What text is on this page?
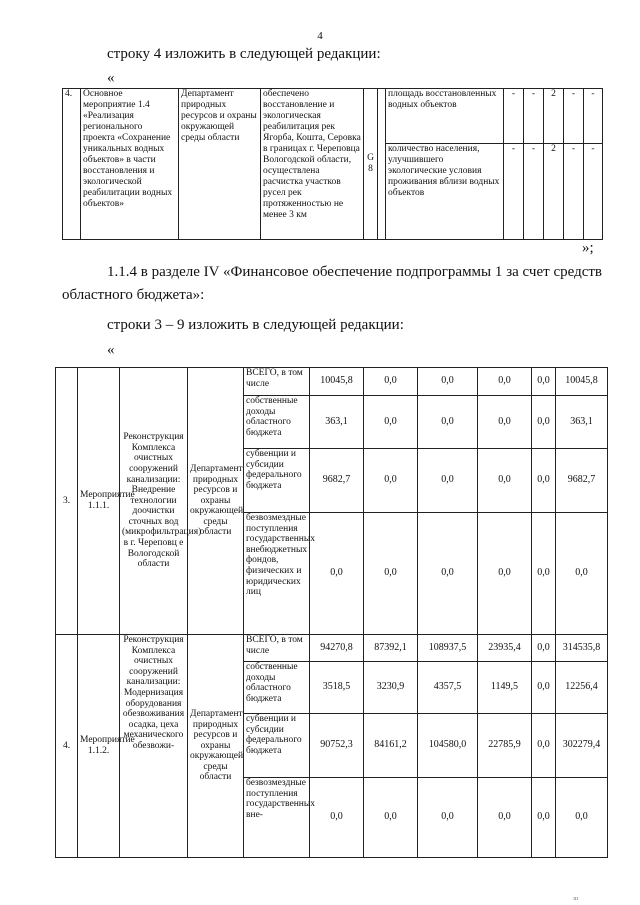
4
строку 4 изложить в следующей редакции:
«
4.	Основное мероприятие 1.4 «Реализация регионального проекта «Сохранение уникальных водных объектов» в части восстановления и экологической реабилитации водных объектов»	Департамент природных ресурсов и охраны окружающей среды области	обеспечено восстановление и экологическая реабилитация рек Ягорба, Кошта, Серовка в границах г. Череповца Вологодской области, осуществлена расчистка участков русел рек протяженностью не менее 3 км	G 8		площадь восстановленных водных объектов	-	-	2	-	-
						количество населения, улучшившего экологические условия проживания вблизи водных объектов	-	-	2	-	-
»;
1.1.4 в разделе IV «Финансовое обеспечение подпрограммы 1 за счет средств областного бюджета»:
строки 3 – 9 изложить в следующей редакции:
«
3.	Мероприятие 1.1.1.	Реконструкция Комплекса очистных сооружений канализации: Внедрение технологии доочистки сточных вод (микрофильтрация) в г. Череповц е Вологодской области	Департамент природных ресурсов и охраны окружающей среды области	ВСЕГО, в том числе	10045,8	0,0	0,0	0,0	0,0	10045,8
				собственные доходы областного бюджета	363,1	0,0	0,0	0,0	0,0	363,1
				субвенции и субсидии федерального бюджета	9682,7	0,0	0,0	0,0	0,0	9682,7
				безвозмездные поступления государственных внебюджетных фондов, физических и юридических лиц	0,0	0,0	0,0	0,0	0,0	0,0
4.	Мероприятие 1.1.2.	Реконструкция Комплекса очистных сооружений канализации: Модернизация оборудования обезвоживания осадка, цеха механического обезвожи-	Департамент природных ресурсов и охраны окружающей среды области	ВСЕГО, в том числе	94270,8	87392,1	108937,5	23935,4	0,0	314535,8
				собственные доходы областного бюджета	3518,5	3230,9	4357,5	1149,5	0,0	12256,4
				субвенции и субсидии федерального бюджета	90752,3	84161,2	104580,0	22785,9	0,0	302279,4
				безвозмездные поступления государственных вне-	0,0	0,0	0,0	0,0	0,0	0,0
ш
